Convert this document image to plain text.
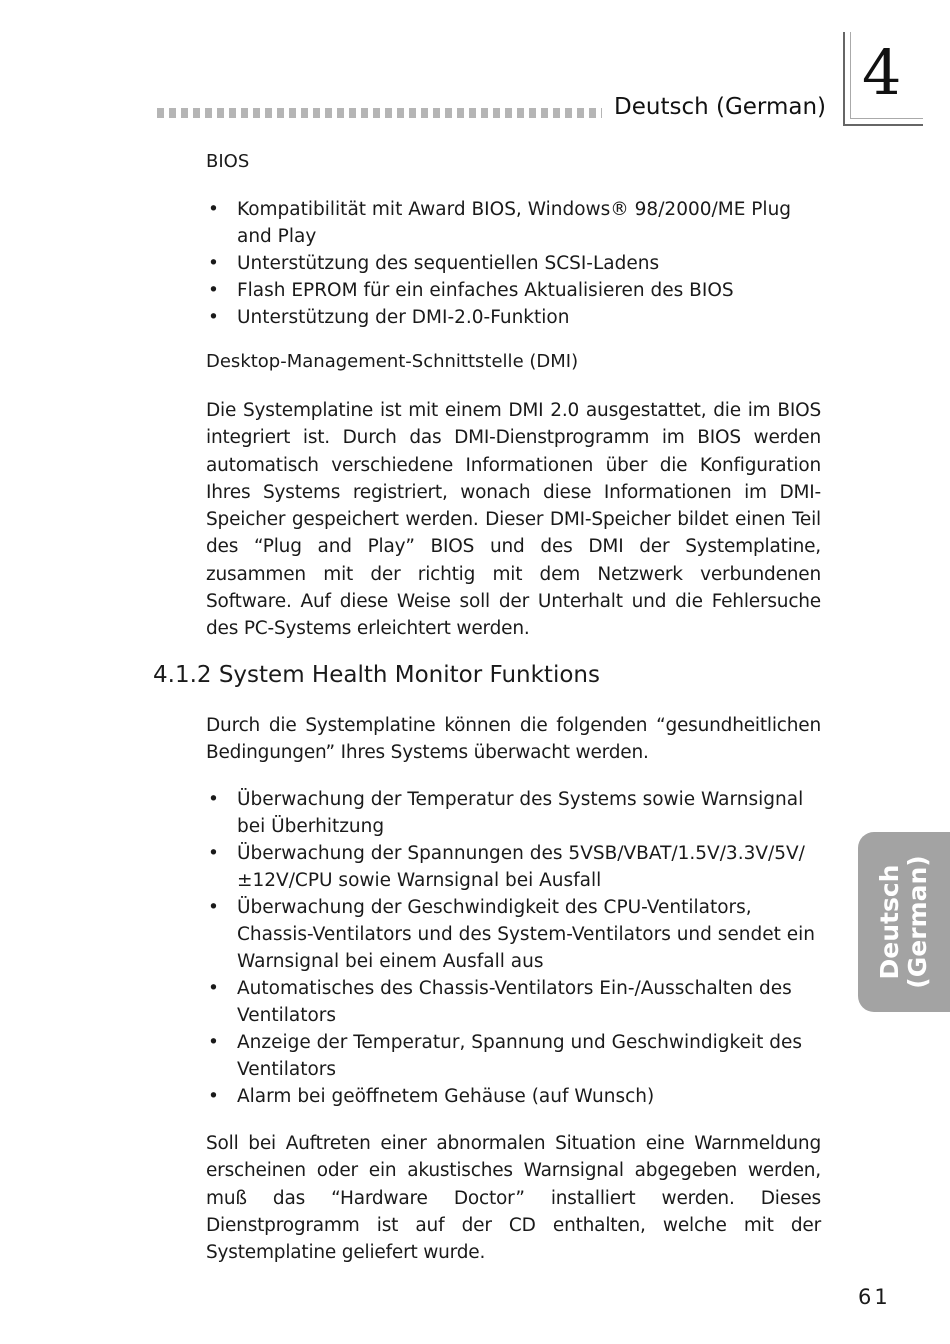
Deutsch (German) 4
BIOS
• Kompatibilität mit Award BIOS, Windows® 98/2000/ME Plug and Play
• Unterstützung des sequentiellen SCSI-Ladens
• Flash EPROM für ein einfaches Aktualisieren des BIOS
• Unterstützung der DMI-2.0-Funktion
Desktop-Management-Schnittstelle (DMI)
Die Systemplatine ist mit einem DMI 2.0 ausgestattet, die im BIOS integriert ist. Durch das DMI-Dienstprogramm im BIOS werden automatisch verschiedene Informationen über die Konfiguration Ihres Systems registriert, wonach diese Informationen im DMI-Speicher gespeichert werden. Dieser DMI-Speicher bildet einen Teil des “Plug and Play” BIOS und des DMI der Systemplatine, zusammen mit der richtig mit dem Netzwerk verbundenen Software. Auf diese Weise soll der Unterhalt und die Fehlersuche des PC-Systems erleichtert werden.
4.1.2 System Health Monitor Funktions
Durch die Systemplatine können die folgenden “gesundheitlichen Bedingungen” Ihres Systems überwacht werden.
• Überwachung der Temperatur des Systems sowie Warnsignal bei Überhitzung
• Überwachung der Spannungen des 5VSB/VBAT/1.5V/3.3V/5V/ ±12V/CPU sowie Warnsignal bei Ausfall
• Überwachung der Geschwindigkeit des CPU-Ventilators, Chassis-Ventilators und des System-Ventilators und sendet ein Warnsignal bei einem Ausfall aus
• Automatisches des Chassis-Ventilators Ein-/Ausschalten des Ventilators
• Anzeige der Temperatur, Spannung und Geschwindigkeit des Ventilators
• Alarm bei geöffnetem Gehäuse (auf Wunsch)
Soll bei Auftreten einer abnormalen Situation eine Warnmeldung erscheinen oder ein akustisches Warnsignal abgegeben werden, muß das “Hardware Doctor” installiert werden. Dieses Dienstprogramm ist auf der CD enthalten, welche mit der Systemplatine geliefert wurde.
Deutsch (German)
61
